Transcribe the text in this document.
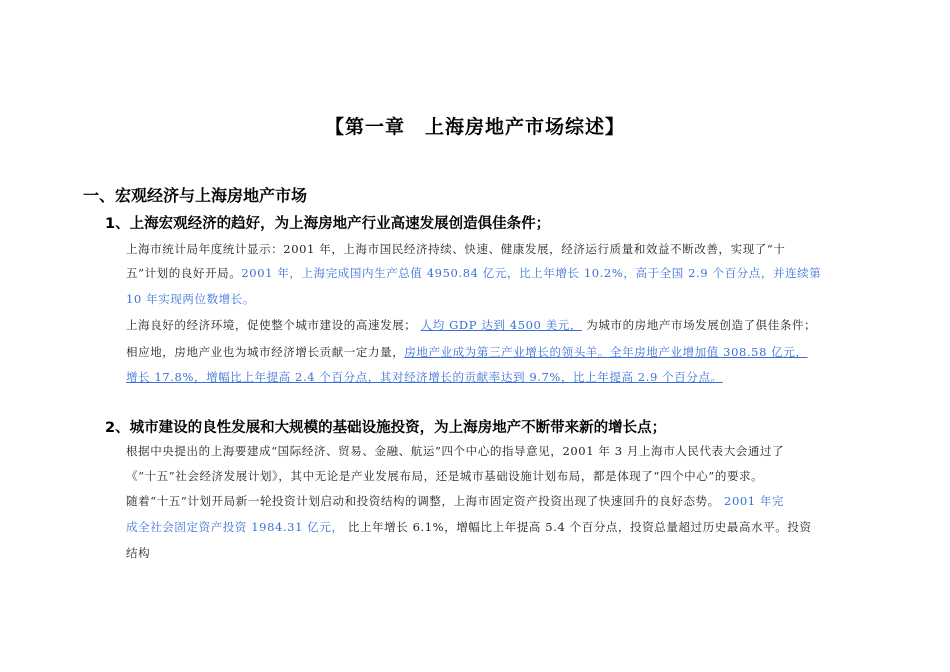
【第一章　上海房地产市场综述】
一、宏观经济与上海房地产市场
1、上海宏观经济的趋好，为上海房地产行业高速发展创造俱佳条件；
上海市统计局年度统计显示：2001 年，上海市国民经济持续、快速、健康发展，经济运行质量和效益不断改善，实现了“十
五”计划的良好开局。2001 年，上海完成国内生产总值 4950.84 亿元，比上年增长 10.2%，高于全国 2.9 个百分点，并连续第
10 年实现两位数增长。
上海良好的经济环境，促使整个城市建设的高速发展； 人均 GDP 达到 4500 美元， 为城市的房地产市场发展创造了俱佳条件；
相应地，房地产业也为城市经济增长贡献一定力量，房地产业成为第三产业增长的领头羊。全年房地产业增加值 308.58 亿元，
增长 17.8%，增幅比上年提高 2.4 个百分点，其对经济增长的贡献率达到 9.7%，比上年提高 2.9 个百分点。
2、城市建设的良性发展和大规模的基础设施投资，为上海房地产不断带来新的增长点；
根据中央提出的上海要建成“国际经济、贸易、金融、航运”四个中心的指导意见，2001 年 3 月上海市人民代表大会通过了
《“十五”社会经济发展计划》，其中无论是产业发展布局，还是城市基础设施计划布局，都是体现了“四个中心”的要求。
随着“十五”计划开局新一轮投资计划启动和投资结构的调整，上海市固定资产投资出现了快速回升的良好态势。 2001 年完
成全社会固定资产投资 1984.31 亿元， 比上年增长 6.1%，增幅比上年提高 5.4 个百分点，投资总量超过历史最高水平。投资
结构
